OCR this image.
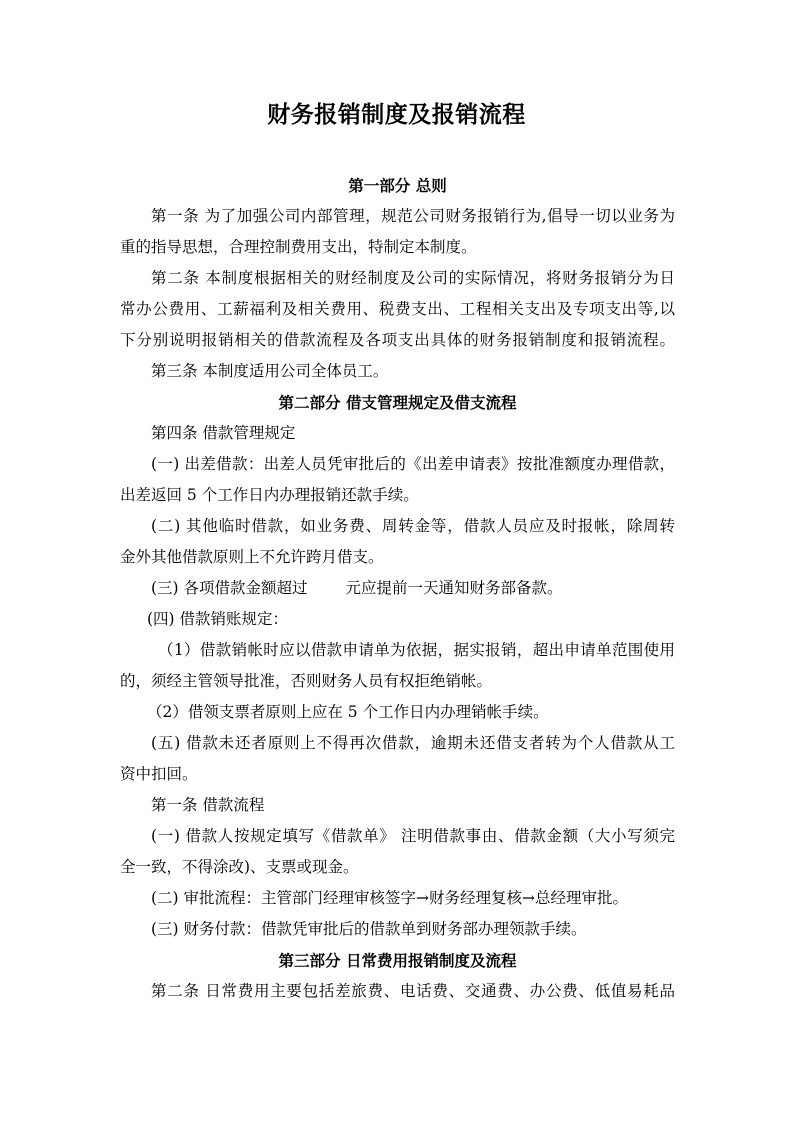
财务报销制度及报销流程
第一部分 总则
第一条 为了加强公司内部管理，规范公司财务报销行为,倡导一切以业务为
重的指导思想，合理控制费用支出，特制定本制度。
第二条 本制度根据相关的财经制度及公司的实际情况，将财务报销分为日
常办公费用、工薪福利及相关费用、税费支出、工程相关支出及专项支出等,以
下分别说明报销相关的借款流程及各项支出具体的财务报销制度和报销流程。
第三条 本制度适用公司全体员工。
第二部分 借支管理规定及借支流程
第四条 借款管理规定
(一) 出差借款：出差人员凭审批后的《出差申请表》按批准额度办理借款，
出差返回 5 个工作日内办理报销还款手续。
(二) 其他临时借款，如业务费、周转金等，借款人员应及时报帐，除周转
金外其他借款原则上不允许跨月借支。
(三) 各项借款金额超过 元应提前一天通知财务部备款。
(四) 借款销账规定：
（1）借款销帐时应以借款申请单为依据，据实报销，超出申请单范围使用
的，须经主管领导批准，否则财务人员有权拒绝销帐。
（2）借领支票者原则上应在 5 个工作日内办理销帐手续。
(五) 借款未还者原则上不得再次借款，逾期未还借支者转为个人借款从工
资中扣回。
第一条 借款流程
(一) 借款人按规定填写《借款单》 注明借款事由、借款金额（大小写须完
全一致，不得涂改)、支票或现金。
(二) 审批流程：主管部门经理审核签字→财务经理复核→总经理审批。
(三) 财务付款：借款凭审批后的借款单到财务部办理领款手续。
第三部分 日常费用报销制度及流程
第二条 日常费用主要包括差旅费、电话费、交通费、办公费、低值易耗品
